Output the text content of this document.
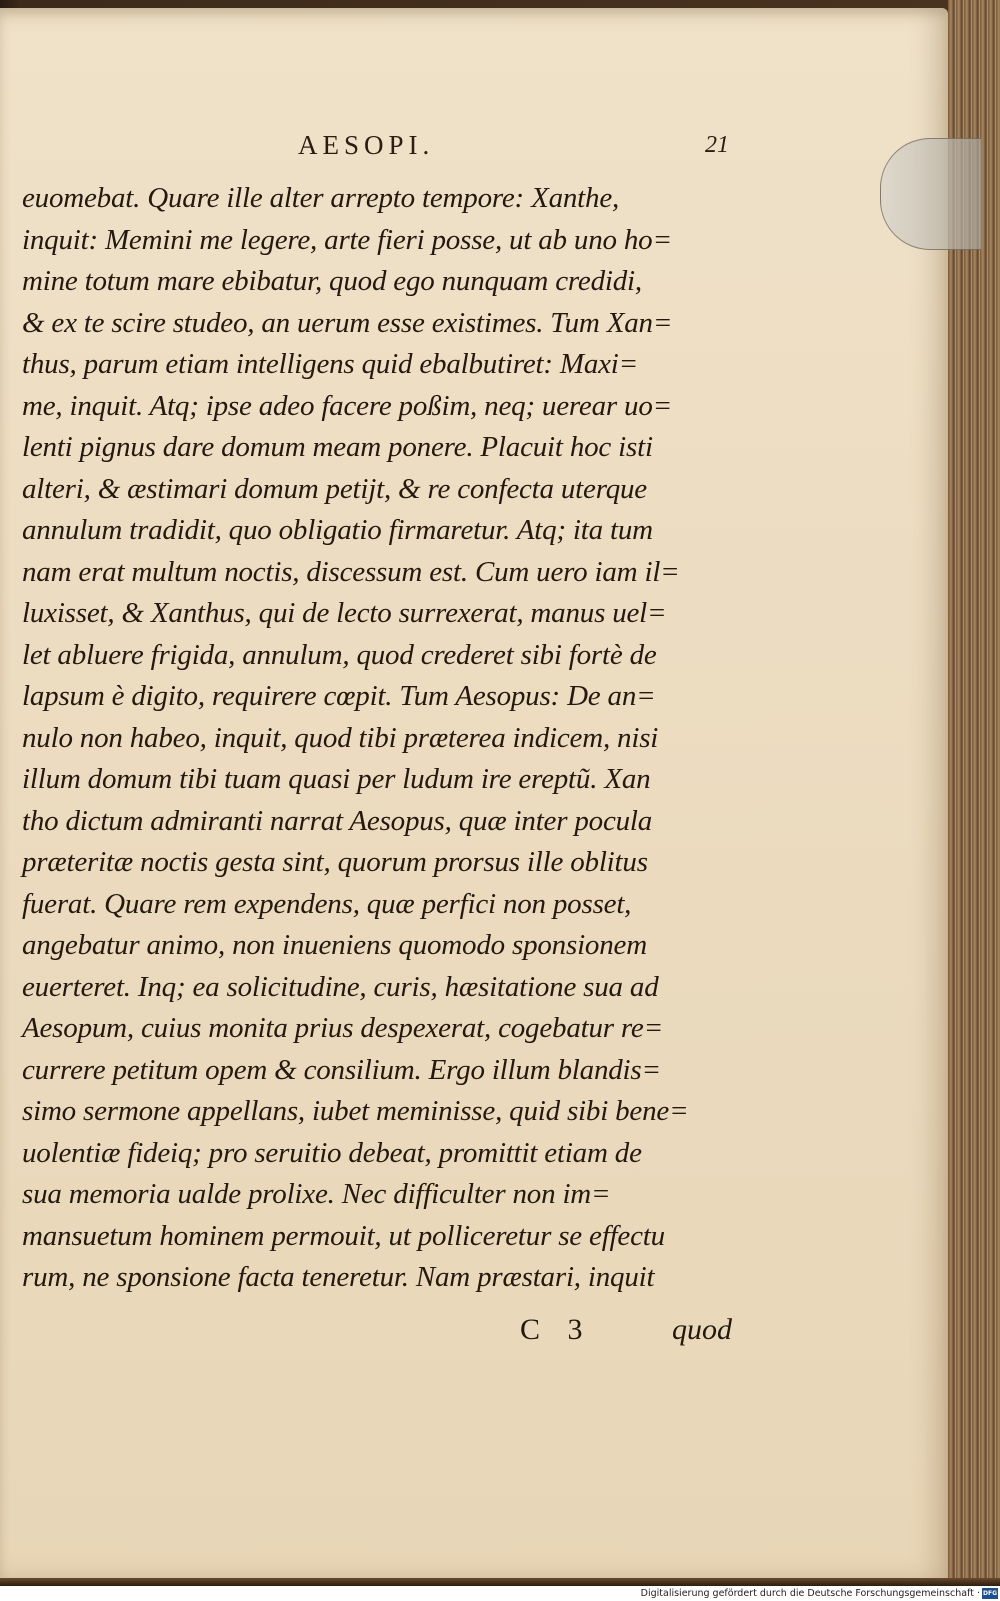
AESOPI.	21
euomebat. Quare ille alter arrepto tempore: Xanthe,
inquit: Memini me legere, arte fieri posse, ut ab uno ho=
mine totum mare ebibatur, quod ego nunquam credidi,
& ex te scire studeo, an uerum esse existimes. Tum Xan=
thus, parum etiam intelligens quid ebalbutiret: Maxi=
me, inquit. Atq; ipse adeo facere poßim, neq; uerear uo=
lenti pignus dare domum meam ponere. Placuit hoc isti
alteri, & æstimari domum petijt, & re confecta uterque
annulum tradidit, quo obligatio firmaretur. Atq; ita tum
nam erat multum noctis, discessum est. Cum uero iam il=
luxisset, & Xanthus, qui de lecto surrexerat, manus uel=
let abluere frigida, annulum, quod crederet sibi fortè de
lapsum è digito, requirere cœpit. Tum Aesopus: De an=
nulo non habeo, inquit, quod tibi præterea indicem, nisi
illum domum tibi tuam quasi per ludum ire ereptũ. Xan
tho dictum admiranti narrat Aesopus, quæ inter pocula
præteritæ noctis gesta sint, quorum prorsus ille oblitus
fuerat. Quare rem expendens, quæ perfici non posset,
angebatur animo, non inueniens quomodo sponsionem
euerteret. Inq; ea solicitudine, curis, hæsitatione sua ad
Aesopum, cuius monita prius despexerat, cogebatur re=
currere petitum opem & consilium. Ergo illum blandis=
simo sermone appellans, iubet meminisse, quid sibi bene=
uolentiæ fideiq; pro seruitio debeat, promittit etiam de
sua memoria ualde prolixe. Nec difficulter non im=
mansuetum hominem permouit, ut polliceretur se effectu
rum, ne sponsione facta teneretur. Nam præstari, inquit
C 3	quod
Digitalisierung gefördert durch die Deutsche Forschungsgemeinschaft · DFG
